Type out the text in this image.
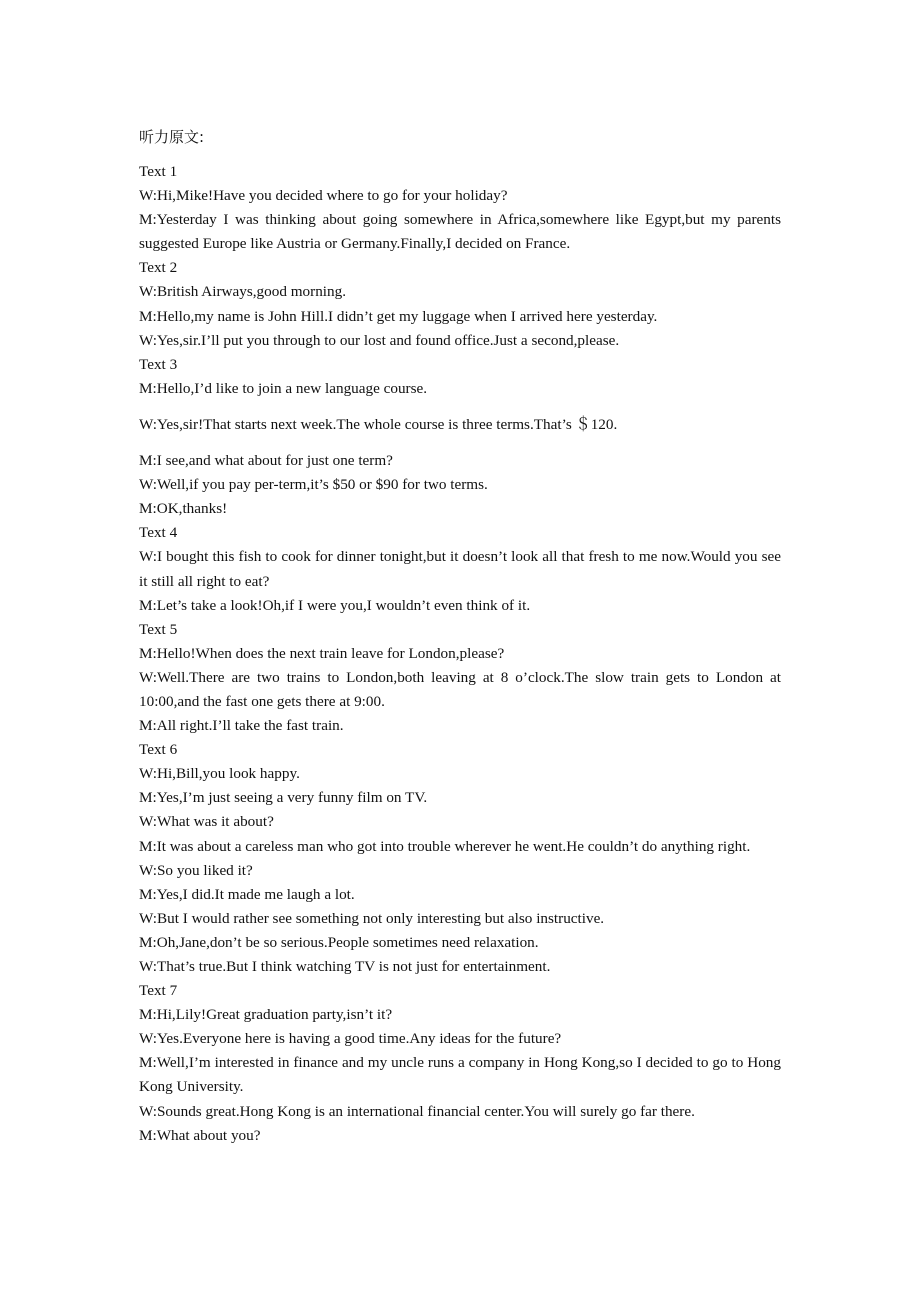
听力原文:
Text 1
W:Hi,Mike!Have you decided where to go for your holiday?
M:Yesterday I was thinking about going somewhere in Africa,somewhere like Egypt,but my parents suggested Europe like Austria or Germany.Finally,I decided on France.
Text 2
W:British Airways,good morning.
M:Hello,my name is John Hill.I didn’t get my luggage when I arrived here yesterday.
W:Yes,sir.I’ll put you through to our lost and found office.Just a second,please.
Text 3
M:Hello,I’d like to join a new language course.
W:Yes,sir!That starts next week.The whole course is three terms.That’s ＄120.
M:I see,and what about for just one term?
W:Well,if you pay per-term,it’s $50 or $90 for two terms.
M:OK,thanks!
Text 4
W:I bought this fish to cook for dinner tonight,but it doesn’t look all that fresh to me now.Would you see it still all right to eat?
M:Let’s take a look!Oh,if I were you,I wouldn’t even think of it.
Text 5
M:Hello!When does the next train leave for London,please?
W:Well.There are two trains to London,both leaving at 8 o’clock.The slow train gets to London at 10:00,and the fast one gets there at 9:00.
M:All right.I’ll take the fast train.
Text 6
W:Hi,Bill,you look happy.
M:Yes,I’m just seeing a very funny film on TV.
W:What was it about?
M:It was about a careless man who got into trouble wherever he went.He couldn’t do anything right.
W:So you liked it?
M:Yes,I did.It made me laugh a lot.
W:But I would rather see something not only interesting but also instructive.
M:Oh,Jane,don’t be so serious.People sometimes need relaxation.
W:That’s true.But I think watching TV is not just for entertainment.
Text 7
M:Hi,Lily!Great graduation party,isn’t it?
W:Yes.Everyone here is having a good time.Any ideas for the future?
M:Well,I’m interested in finance and my uncle runs a company in Hong Kong,so I decided to go to Hong Kong University.
W:Sounds great.Hong Kong is an international financial center.You will surely go far there.
M:What about you?
